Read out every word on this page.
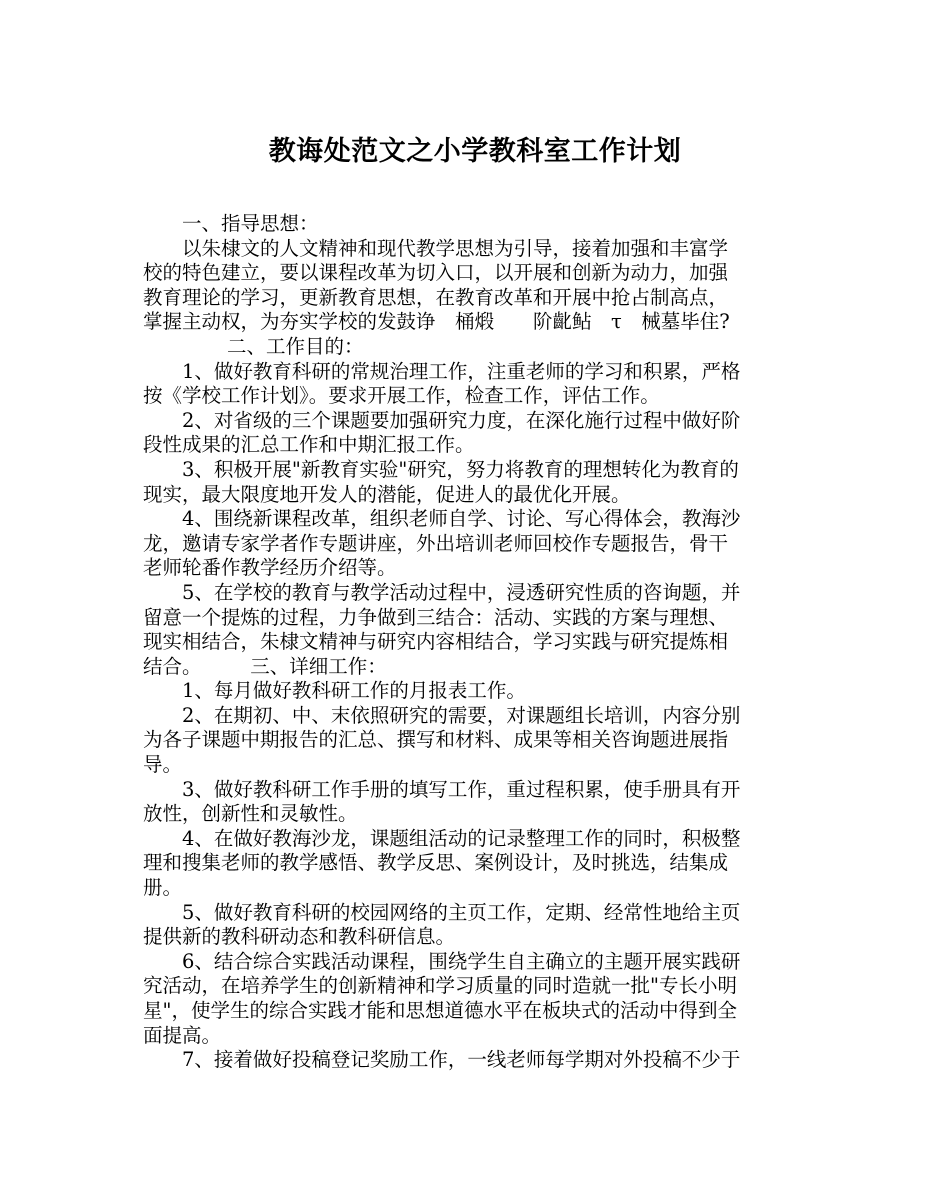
教诲处范文之小学教科室工作计划
一、指导思想：
以朱棣文的人文精神和现代教学思想为引导，接着加强和丰富学
校的特色建立，要以课程改革为切入口，以开展和创新为动力，加强
教育理论的学习，更新教育思想，在教育改革和开展中抢占制高点，
掌握主动权，为夯实学校的发鼓诤　桶煅　　阶齔鲇　τ　械墓毕住?
二、工作目的：
1、做好教育科研的常规治理工作，注重老师的学习和积累，严格
按《学校工作计划》。要求开展工作，检查工作，评估工作。
2、对省级的三个课题要加强研究力度，在深化施行过程中做好阶
段性成果的汇总工作和中期汇报工作。
3、积极开展"新教育实验"研究，努力将教育的理想转化为教育的
现实，最大限度地开发人的潜能，促进人的最优化开展。
4、围绕新课程改革，组织老师自学、讨论、写心得体会，教海沙
龙，邀请专家学者作专题讲座，外出培训老师回校作专题报告，骨干
老师轮番作教学经历介绍等。
5、在学校的教育与教学活动过程中，浸透研究性质的咨询题，并
留意一个提炼的过程，力争做到三结合：活动、实践的方案与理想、
现实相结合，朱棣文精神与研究内容相结合，学习实践与研究提炼相
结合。　　　三、详细工作：
1、每月做好教科研工作的月报表工作。
2、在期初、中、末依照研究的需要，对课题组长培训，内容分别
为各子课题中期报告的汇总、撰写和材料、成果等相关咨询题进展指
导。
3、做好教科研工作手册的填写工作，重过程积累，使手册具有开
放性，创新性和灵敏性。
4、在做好教海沙龙，课题组活动的记录整理工作的同时，积极整
理和搜集老师的教学感悟、教学反思、案例设计，及时挑选，结集成
册。
5、做好教育科研的校园网络的主页工作，定期、经常性地给主页
提供新的教科研动态和教科研信息。
6、结合综合实践活动课程，围绕学生自主确立的主题开展实践研
究活动，在培养学生的创新精神和学习质量的同时造就一批"专长小明
星"，使学生的综合实践才能和思想道德水平在板块式的活动中得到全
面提高。
7、接着做好投稿登记奖励工作，一线老师每学期对外投稿不少于
